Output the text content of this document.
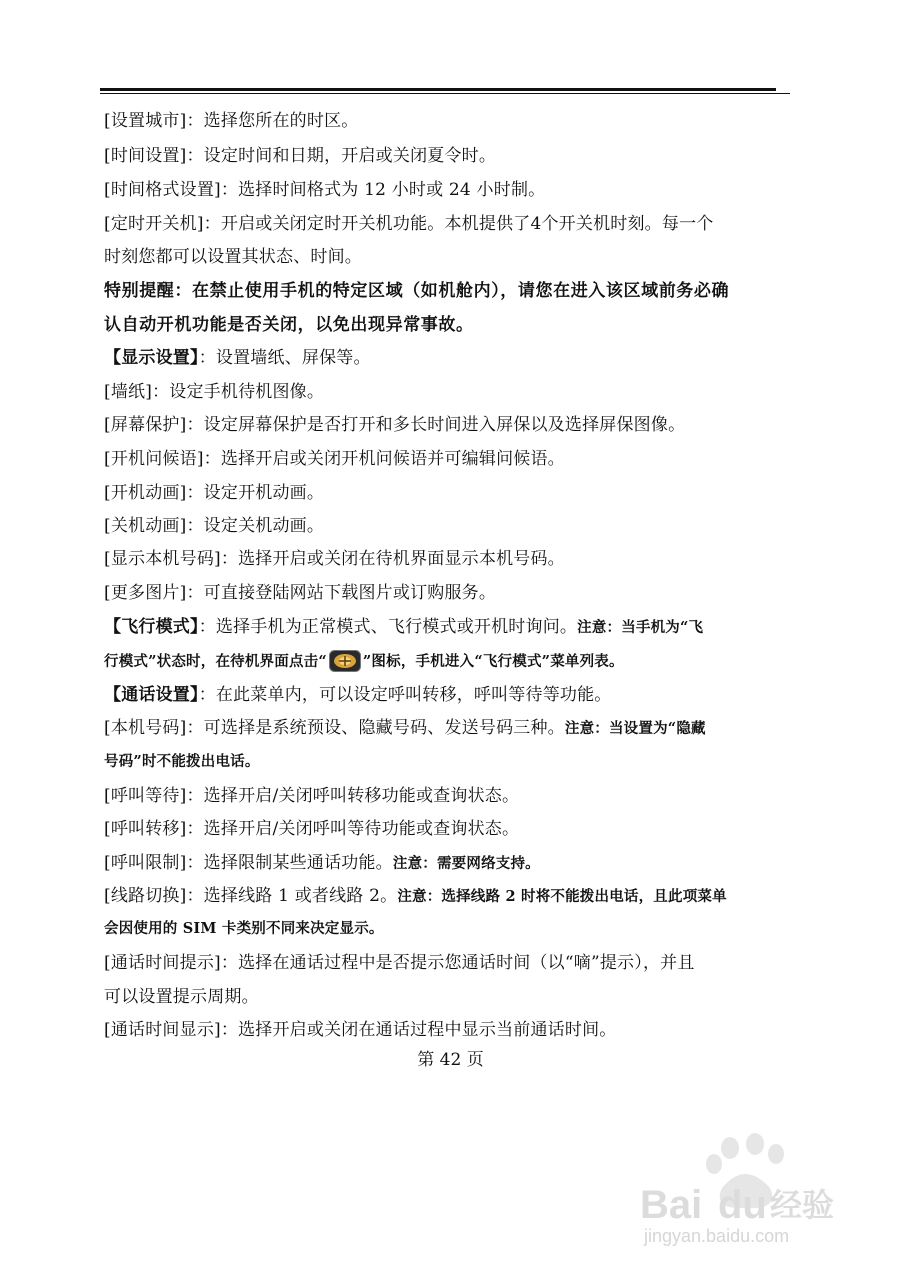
[设置城市]：选择您所在的时区。
[时间设置]：设定时间和日期，开启或关闭夏令时。
[时间格式设置]：选择时间格式为 12 小时或 24 小时制。
[定时开关机]：开启或关闭定时开关机功能。本机提供了4个开关机时刻。每一个
时刻您都可以设置其状态、时间。
特别提醒：在禁止使用手机的特定区域（如机舱内），请您在进入该区域前务必确
认自动开机功能是否关闭，以免出现异常事故。
【显示设置】：设置墙纸、屏保等。
[墙纸]：设定手机待机图像。
[屏幕保护]：设定屏幕保护是否打开和多长时间进入屏保以及选择屏保图像。
[开机问候语]：选择开启或关闭开机问候语并可编辑问候语。
[开机动画]：设定开机动画。
[关机动画]：设定关机动画。
[显示本机号码]：选择开启或关闭在待机界面显示本机号码。
[更多图片]：可直接登陆网站下载图片或订购服务。
【飞行模式】：选择手机为正常模式、飞行模式或开机时询问。注意：当手机为“飞
行模式”状态时，在待机界面点击“ ”图标，手机进入“飞行模式”菜单列表。
【通话设置】：在此菜单内，可以设定呼叫转移，呼叫等待等功能。
[本机号码]：可选择是系统预设、隐藏号码、发送号码三种。注意：当设置为“隐藏
号码”时不能拨出电话。
[呼叫等待]：选择开启/关闭呼叫转移功能或查询状态。
[呼叫转移]：选择开启/关闭呼叫等待功能或查询状态。
[呼叫限制]：选择限制某些通话功能。注意：需要网络支持。
[线路切换]：选择线路 1 或者线路 2。注意：选择线路 2 时将不能拨出电话，且此项菜单
会因使用的 SIM 卡类别不同来决定显示。
[通话时间提示]：选择在通话过程中是否提示您通话时间（以“嘀”提示），并且
可以设置提示周期。
[通话时间显示]：选择开启或关闭在通话过程中显示当前通话时间。
第 42 页
Bai du 经验
jingyan.baidu.com
